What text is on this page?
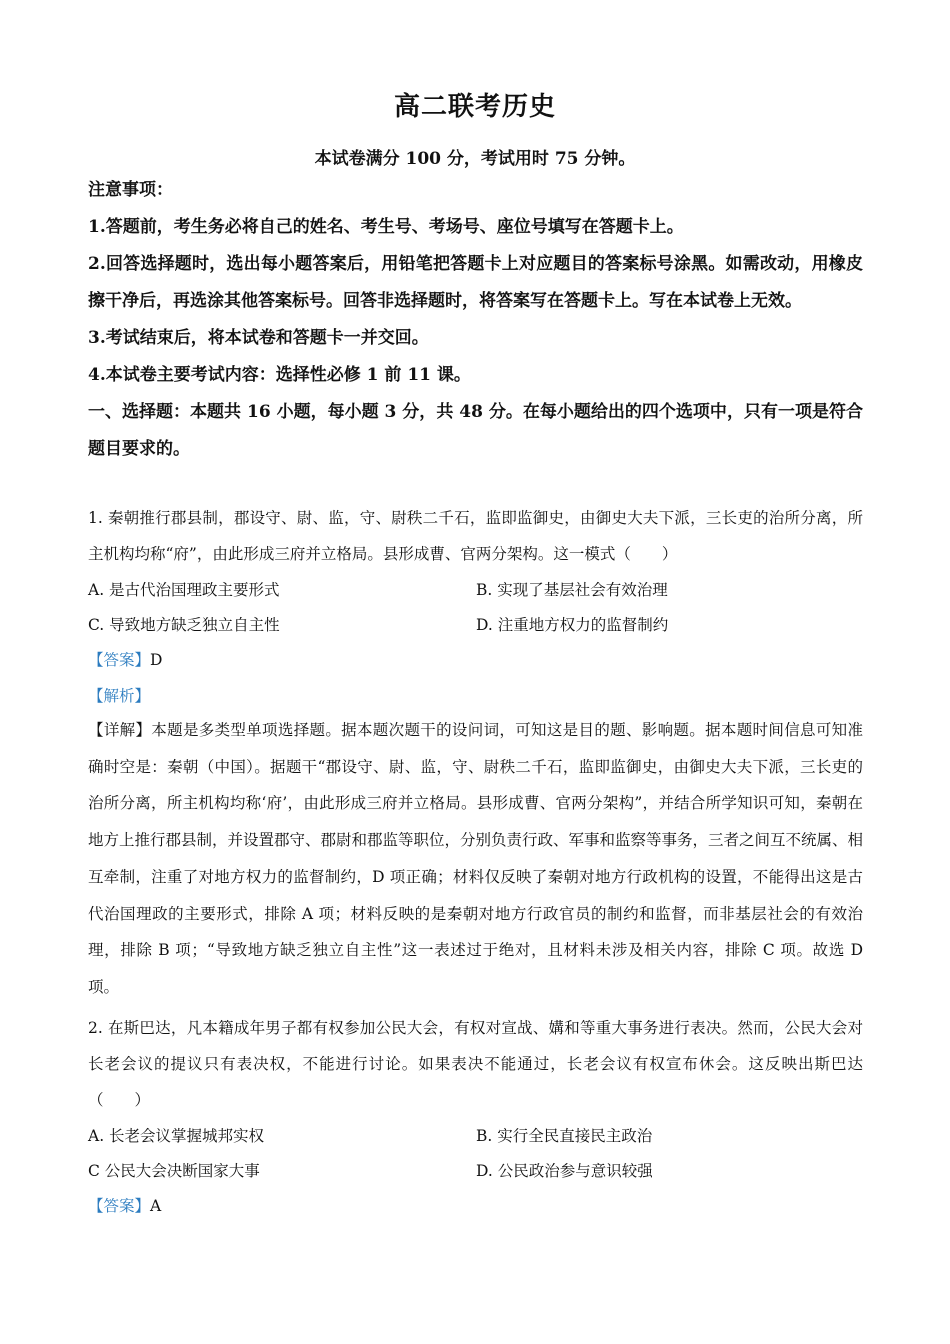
高二联考历史
本试卷满分 100 分，考试用时 75 分钟。
注意事项：
1.答题前，考生务必将自己的姓名、考生号、考场号、座位号填写在答题卡上。
2.回答选择题时，选出每小题答案后，用铅笔把答题卡上对应题目的答案标号涂黑。如需改动，用橡皮擦干净后，再选涂其他答案标号。回答非选择题时，将答案写在答题卡上。写在本试卷上无效。
3.考试结束后，将本试卷和答题卡一并交回。
4.本试卷主要考试内容：选择性必修 1 前 11 课。
一、选择题：本题共 16 小题，每小题 3 分，共 48 分。在每小题给出的四个选项中，只有一项是符合题目要求的。
1. 秦朝推行郡县制，郡设守、尉、监，守、尉秩二千石，监即监御史，由御史大夫下派，三长吏的治所分离，所主机构均称“府”，由此形成三府并立格局。县形成曹、官两分架构。这一模式（　　）
A. 是古代治国理政主要形式	B. 实现了基层社会有效治理
C. 导致地方缺乏独立自主性	D. 注重地方权力的监督制约
【答案】D
【解析】
【详解】本题是多类型单项选择题。据本题次题干的设问词，可知这是目的题、影响题。据本题时间信息可知准确时空是：秦朝（中国）。据题干“郡设守、尉、监，守、尉秩二千石，监即监御史，由御史大夫下派，三长吏的治所分离，所主机构均称‘府’，由此形成三府并立格局。县形成曹、官两分架构”，并结合所学知识可知，秦朝在地方上推行郡县制，并设置郡守、郡尉和郡监等职位，分别负责行政、军事和监察等事务，三者之间互不统属、相互牵制，注重了对地方权力的监督制约，D 项正确；材料仅反映了秦朝对地方行政机构的设置，不能得出这是古代治国理政的主要形式，排除 A 项；材料反映的是秦朝对地方行政官员的制约和监督，而非基层社会的有效治理，排除 B 项；“导致地方缺乏独立自主性”这一表述过于绝对，且材料未涉及相关内容，排除 C 项。故选 D 项。
2. 在斯巴达，凡本籍成年男子都有权参加公民大会，有权对宣战、媾和等重大事务进行表决。然而，公民大会对长老会议的提议只有表决权，不能进行讨论。如果表决不能通过，长老会议有权宣布休会。这反映出斯巴达（　　）
A. 长老会议掌握城邦实权	B. 实行全民直接民主政治
C 公民大会决断国家大事	D. 公民政治参与意识较强
【答案】A
